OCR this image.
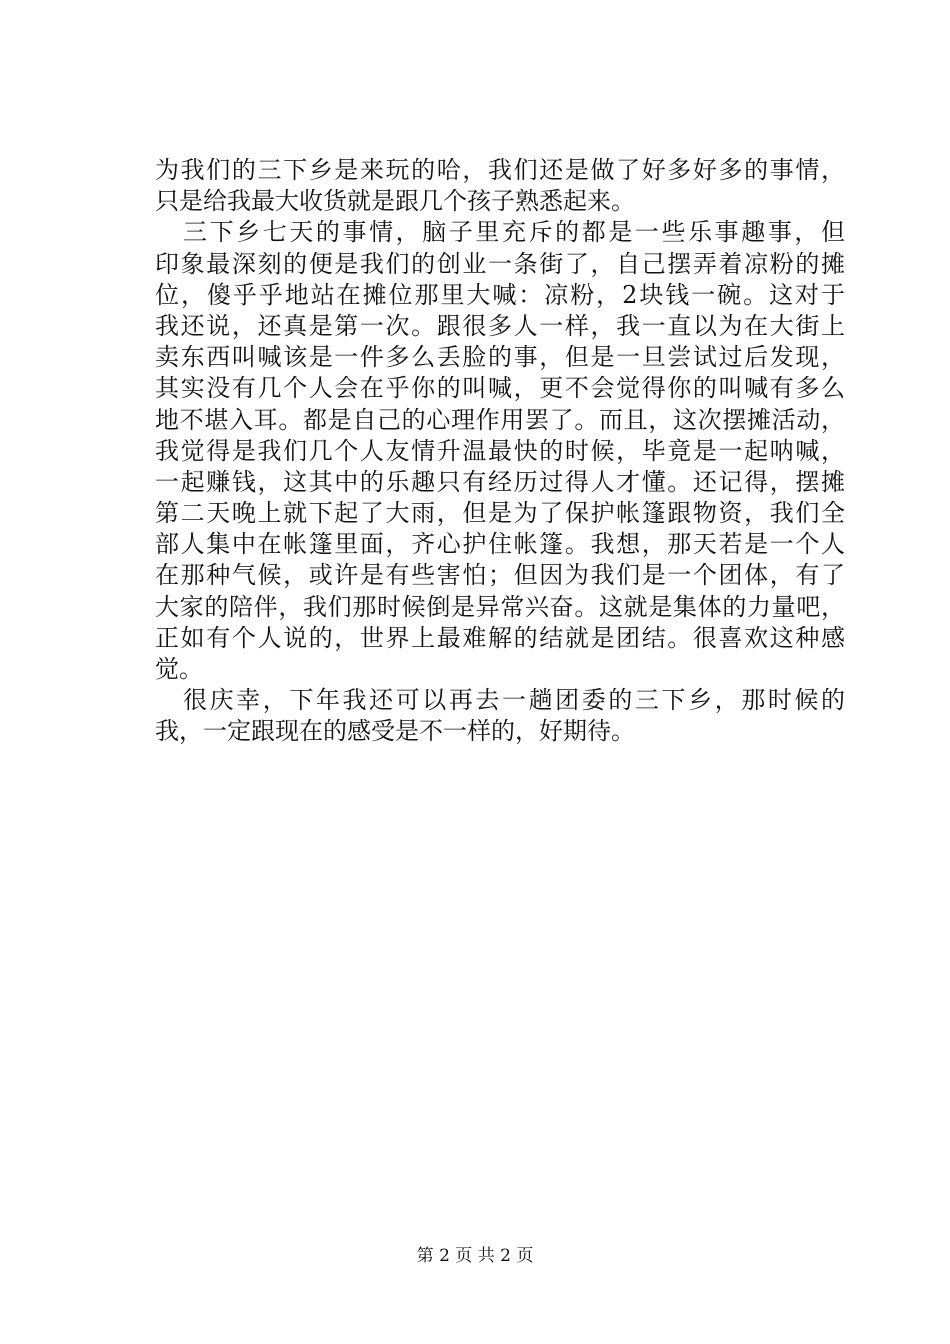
为我们的三下乡是来玩的哈，我们还是做了好多好多的事情，
只是给我最大收货就是跟几个孩子熟悉起来。
三下乡七天的事情，脑子里充斥的都是一些乐事趣事，但
印象最深刻的便是我们的创业一条街了，自己摆弄着凉粉的摊
位，傻乎乎地站在摊位那里大喊：凉粉，2块钱一碗。这对于
我还说，还真是第一次。跟很多人一样，我一直以为在大街上
卖东西叫喊该是一件多么丢脸的事，但是一旦尝试过后发现，
其实没有几个人会在乎你的叫喊，更不会觉得你的叫喊有多么
地不堪入耳。都是自己的心理作用罢了。而且，这次摆摊活动，
我觉得是我们几个人友情升温最快的时候，毕竟是一起呐喊，
一起赚钱，这其中的乐趣只有经历过得人才懂。还记得，摆摊
第二天晚上就下起了大雨，但是为了保护帐篷跟物资，我们全
部人集中在帐篷里面，齐心护住帐篷。我想，那天若是一个人
在那种气候，或许是有些害怕；但因为我们是一个团体，有了
大家的陪伴，我们那时候倒是异常兴奋。这就是集体的力量吧，
正如有个人说的，世界上最难解的结就是团结。很喜欢这种感
觉。
很庆幸，下年我还可以再去一趟团委的三下乡，那时候的
我，一定跟现在的感受是不一样的，好期待。
第 2 页 共 2 页
